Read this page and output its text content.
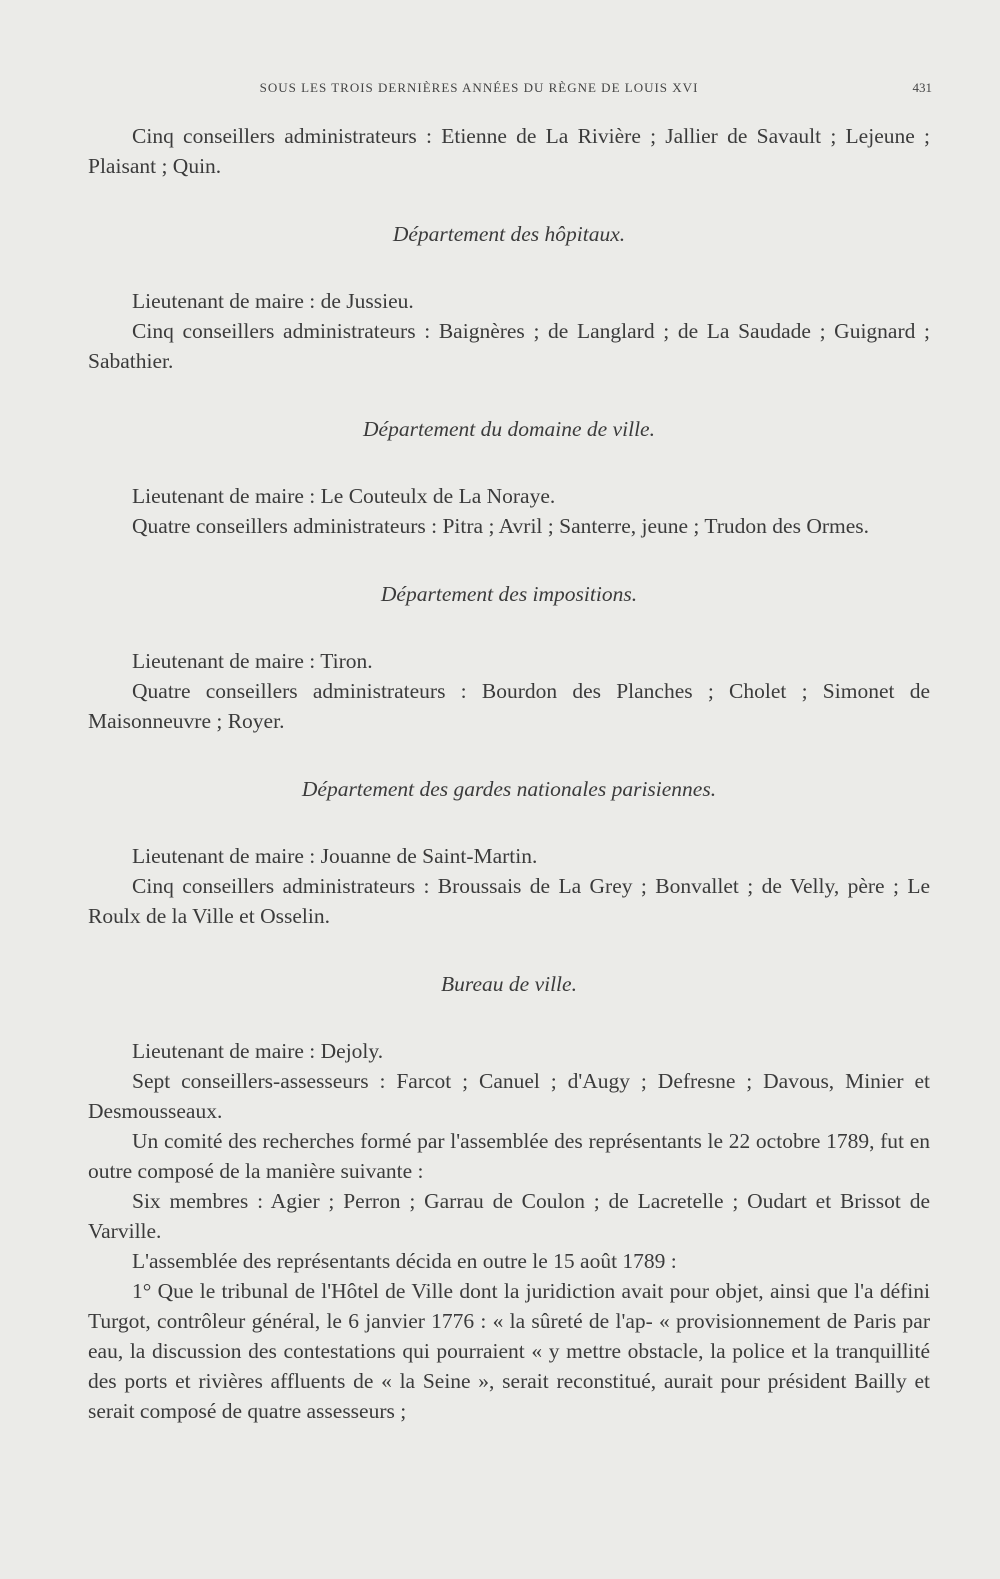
SOUS LES TROIS DERNIÈRES ANNÉES DU RÈGNE DE LOUIS XVI	431

Cinq conseillers administrateurs : Etienne de La Rivière ; Jallier de Savault ; Lejeune ; Plaisant ; Quin.

Département des hôpitaux.

Lieutenant de maire : de Jussieu.

Cinq conseillers administrateurs : Baignères ; de Langlard ; de La Saudade ; Guignard ; Sabathier.

Département du domaine de ville.

Lieutenant de maire : Le Couteulx de La Noraye.

Quatre conseillers administrateurs : Pitra ; Avril ; Santerre, jeune ; Trudon des Ormes.

Département des impositions.

Lieutenant de maire : Tiron.

Quatre conseillers administrateurs : Bourdon des Planches ; Cholet ; Simonet de Maisonneuvre ; Royer.

Département des gardes nationales parisiennes.

Lieutenant de maire : Jouanne de Saint-Martin.

Cinq conseillers administrateurs : Broussais de La Grey ; Bonvallet ; de Velly, père ; Le Roulx de la Ville et Osselin.

Bureau de ville.

Lieutenant de maire : Dejoly.

Sept conseillers-assesseurs : Farcot ; Canuel ; d'Augy ; Defresne ; Davous, Minier et Desmousseaux.

Un comité des recherches formé par l'assemblée des représentants le 22 octobre 1789, fut en outre composé de la manière suivante :

Six membres : Agier ; Perron ; Garrau de Coulon ; de Lacretelle ; Oudart et Brissot de Varville.

L'assemblée des représentants décida en outre le 15 août 1789 :

1° Que le tribunal de l'Hôtel de Ville dont la juridiction avait pour objet, ainsi que l'a défini Turgot, contrôleur général, le 6 janvier 1776 : « la sûreté de l'ap- « provisionnement de Paris par eau, la discussion des contestations qui pourraient « y mettre obstacle, la police et la tranquillité des ports et rivières affluents de « la Seine », serait reconstitué, aurait pour président Bailly et serait composé de quatre assesseurs ;
